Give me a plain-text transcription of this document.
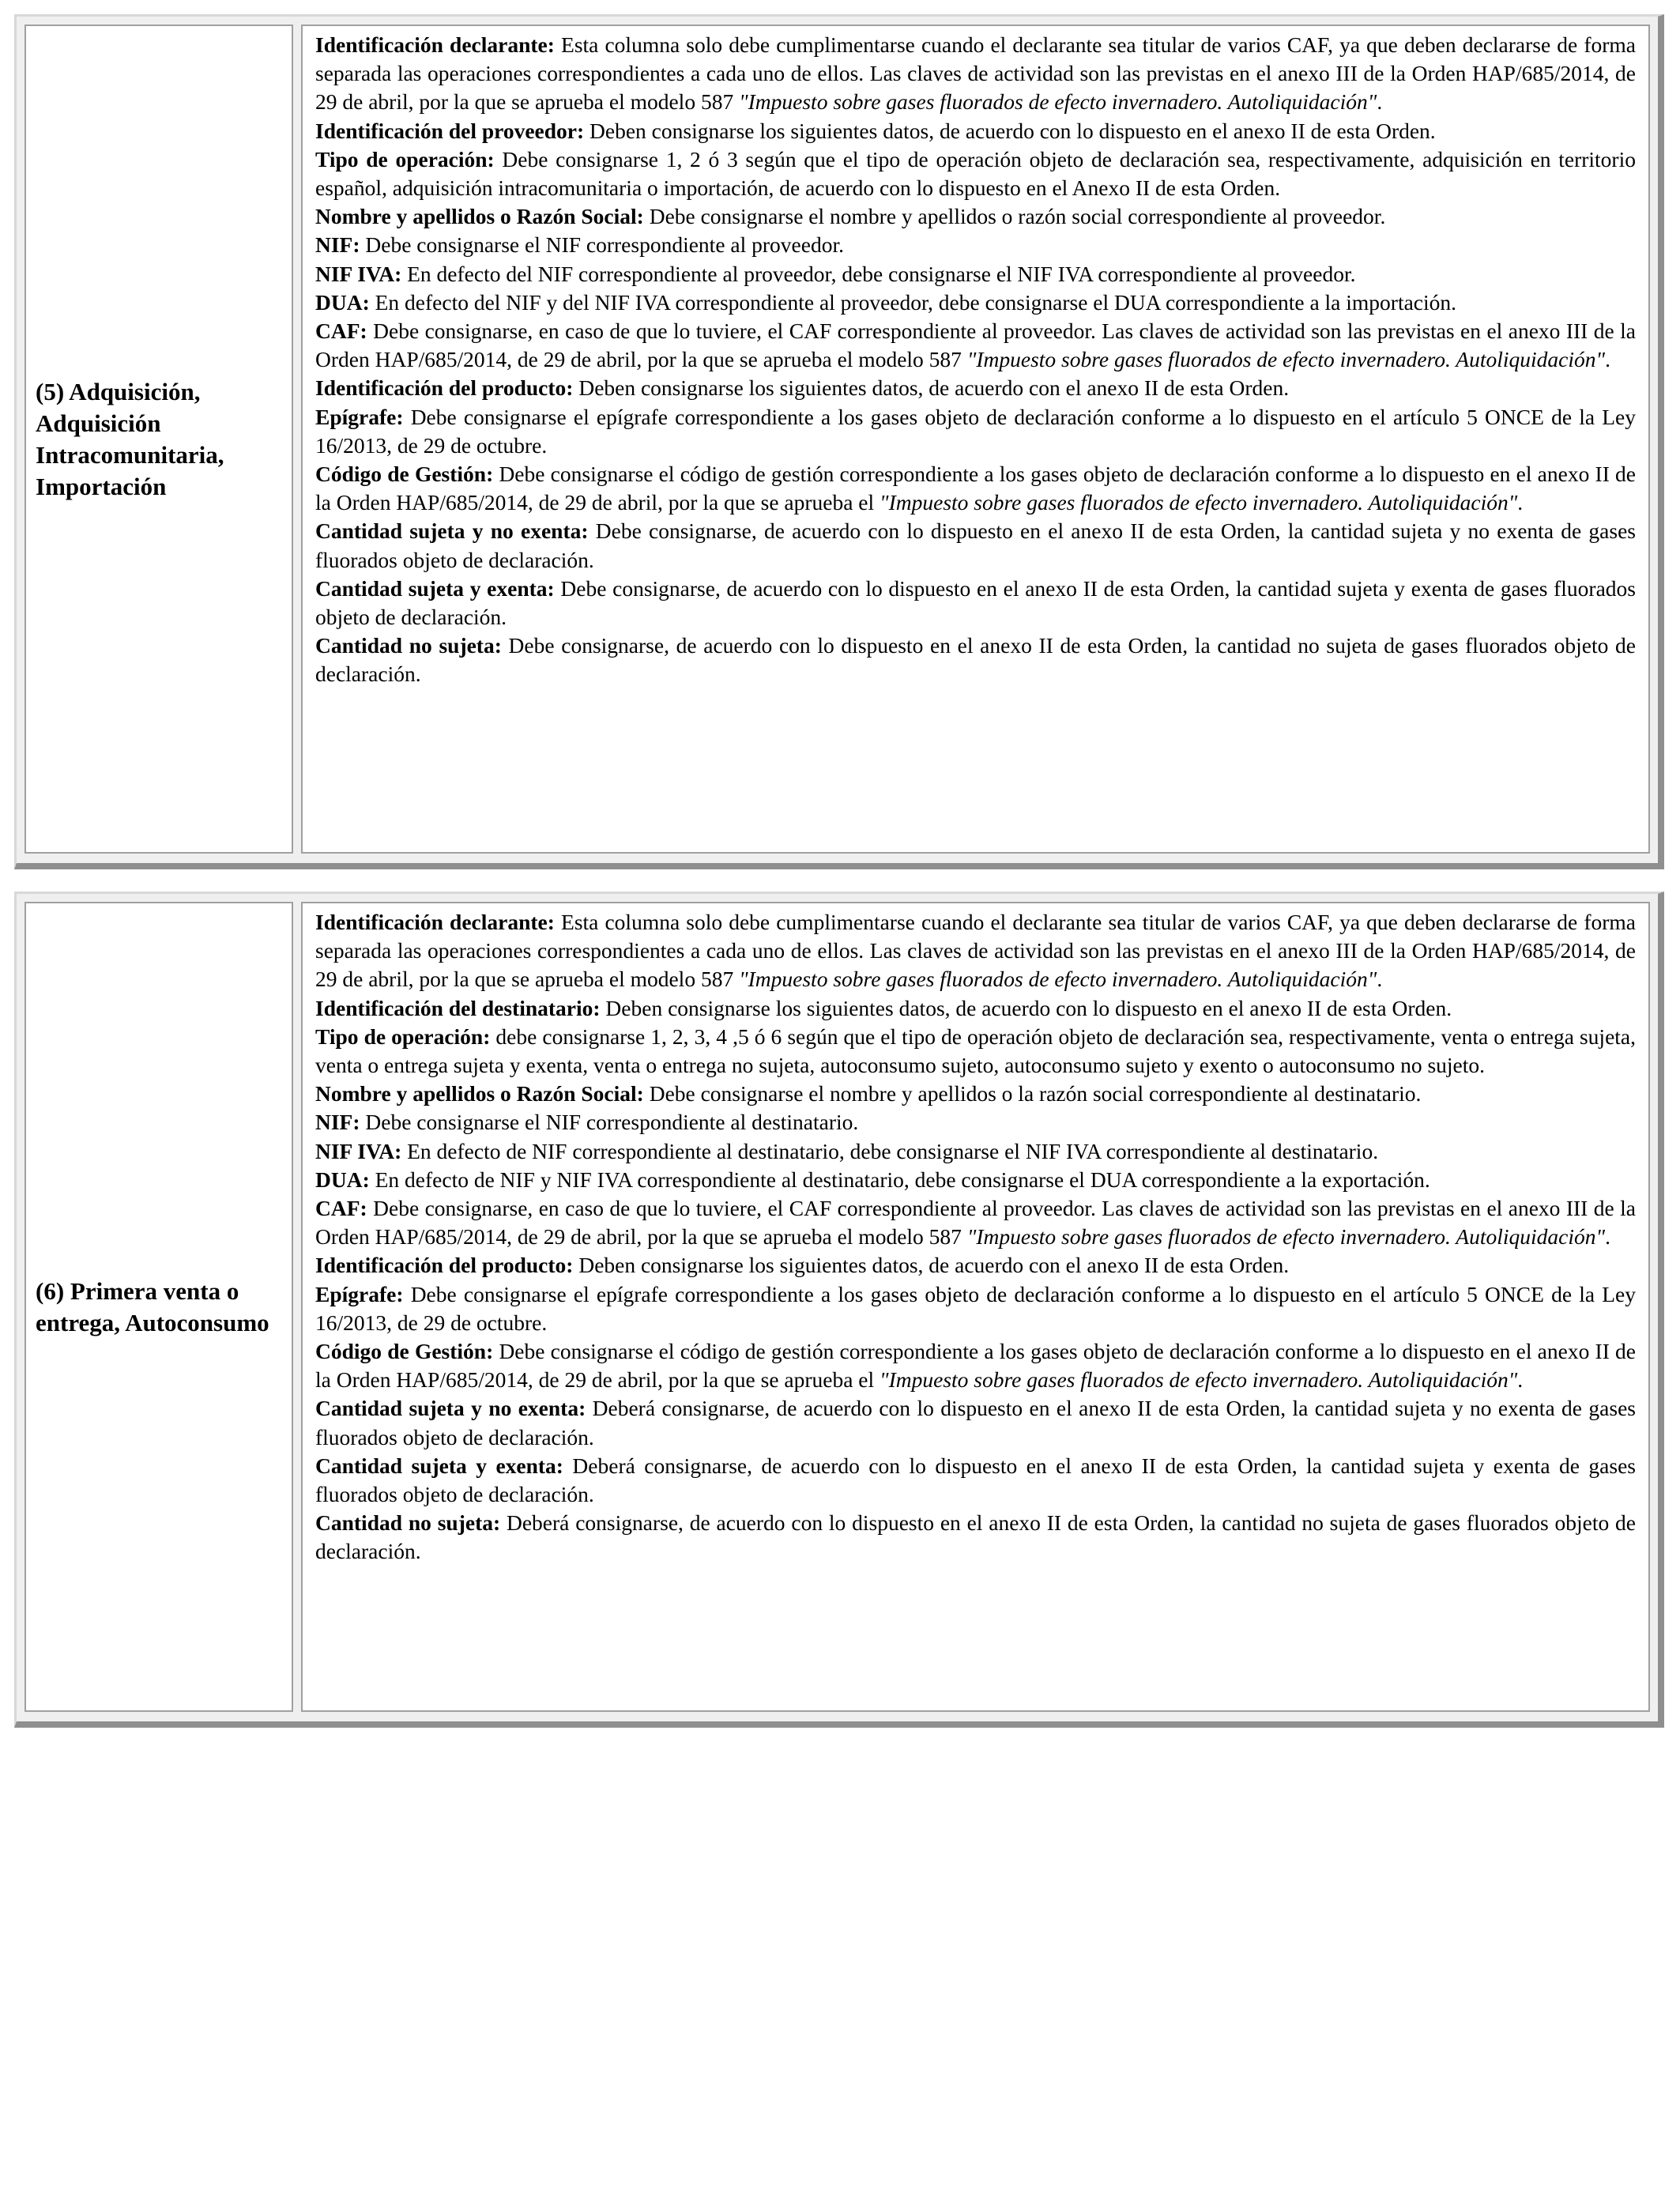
(5) Adquisición, Adquisición Intracomunitaria, Importación

Identificación declarante: Esta columna solo debe cumplimentarse cuando el declarante sea titular de varios CAF, ya que deben declararse de forma separada las operaciones correspondientes a cada uno de ellos. Las claves de actividad son las previstas en el anexo III de la Orden HAP/685/2014, de 29 de abril, por la que se aprueba el modelo 587 "Impuesto sobre gases fluorados de efecto invernadero. Autoliquidación".

Identificación del proveedor: Deben consignarse los siguientes datos, de acuerdo con lo dispuesto en el anexo II de esta Orden.

Tipo de operación: Debe consignarse 1, 2 ó 3 según que el tipo de operación objeto de declaración sea, respectivamente, adquisición en territorio español, adquisición intracomunitaria o importación, de acuerdo con lo dispuesto en el Anexo II de esta Orden.

Nombre y apellidos o Razón Social: Debe consignarse el nombre y apellidos o razón social correspondiente al proveedor.

NIF: Debe consignarse el NIF correspondiente al proveedor.

NIF IVA: En defecto del NIF correspondiente al proveedor, debe consignarse el NIF IVA correspondiente al proveedor.

DUA: En defecto del NIF y del NIF IVA correspondiente al proveedor, debe consignarse el DUA correspondiente a la importación.

CAF: Debe consignarse, en caso de que lo tuviere, el CAF correspondiente al proveedor. Las claves de actividad son las previstas en el anexo III de la Orden HAP/685/2014, de 29 de abril, por la que se aprueba el modelo 587 "Impuesto sobre gases fluorados de efecto invernadero. Autoliquidación".

Identificación del producto: Deben consignarse los siguientes datos, de acuerdo con el anexo II de esta Orden.

Epígrafe: Debe consignarse el epígrafe correspondiente a los gases objeto de declaración conforme a lo dispuesto en el artículo 5 ONCE de la Ley 16/2013, de 29 de octubre.

Código de Gestión: Debe consignarse el código de gestión correspondiente a los gases objeto de declaración conforme a lo dispuesto en el anexo II de la Orden HAP/685/2014, de 29 de abril, por la que se aprueba el "Impuesto sobre gases fluorados de efecto invernadero. Autoliquidación".

Cantidad sujeta y no exenta: Debe consignarse, de acuerdo con lo dispuesto en el anexo II de esta Orden, la cantidad sujeta y no exenta de gases fluorados objeto de declaración.

Cantidad sujeta y exenta: Debe consignarse, de acuerdo con lo dispuesto en el anexo II de esta Orden, la cantidad sujeta y exenta de gases fluorados objeto de declaración.

Cantidad no sujeta: Debe consignarse, de acuerdo con lo dispuesto en el anexo II de esta Orden, la cantidad no sujeta de gases fluorados objeto de declaración.

(6) Primera venta o entrega, Autoconsumo

Identificación declarante: Esta columna solo debe cumplimentarse cuando el declarante sea titular de varios CAF, ya que deben declararse de forma separada las operaciones correspondientes a cada uno de ellos. Las claves de actividad son las previstas en el anexo III de la Orden HAP/685/2014, de 29 de abril, por la que se aprueba el modelo 587 "Impuesto sobre gases fluorados de efecto invernadero. Autoliquidación".

Identificación del destinatario: Deben consignarse los siguientes datos, de acuerdo con lo dispuesto en el anexo II de esta Orden.

Tipo de operación: debe consignarse 1, 2, 3, 4 ,5 ó 6 según que el tipo de operación objeto de declaración sea, respectivamente, venta o entrega sujeta, venta o entrega sujeta y exenta, venta o entrega no sujeta, autoconsumo sujeto, autoconsumo sujeto y exento o autoconsumo no sujeto.

Nombre y apellidos o Razón Social: Debe consignarse el nombre y apellidos o la razón social correspondiente al destinatario.

NIF: Debe consignarse el NIF correspondiente al destinatario.

NIF IVA: En defecto de NIF correspondiente al destinatario, debe consignarse el NIF IVA correspondiente al destinatario.

DUA: En defecto de NIF y NIF IVA correspondiente al destinatario, debe consignarse el DUA correspondiente a la exportación.

CAF: Debe consignarse, en caso de que lo tuviere, el CAF correspondiente al proveedor. Las claves de actividad son las previstas en el anexo III de la Orden HAP/685/2014, de 29 de abril, por la que se aprueba el modelo 587 "Impuesto sobre gases fluorados de efecto invernadero. Autoliquidación".

Identificación del producto: Deben consignarse los siguientes datos, de acuerdo con el anexo II de esta Orden.

Epígrafe: Debe consignarse el epígrafe correspondiente a los gases objeto de declaración conforme a lo dispuesto en el artículo 5 ONCE de la Ley 16/2013, de 29 de octubre.

Código de Gestión: Debe consignarse el código de gestión correspondiente a los gases objeto de declaración conforme a lo dispuesto en el anexo II de la Orden HAP/685/2014, de 29 de abril, por la que se aprueba el "Impuesto sobre gases fluorados de efecto invernadero. Autoliquidación".

Cantidad sujeta y no exenta: Deberá consignarse, de acuerdo con lo dispuesto en el anexo II de esta Orden, la cantidad sujeta y no exenta de gases fluorados objeto de declaración.

Cantidad sujeta y exenta: Deberá consignarse, de acuerdo con lo dispuesto en el anexo II de esta Orden, la cantidad sujeta y exenta de gases fluorados objeto de declaración.

Cantidad no sujeta: Deberá consignarse, de acuerdo con lo dispuesto en el anexo II de esta Orden, la cantidad no sujeta de gases fluorados objeto de declaración.
